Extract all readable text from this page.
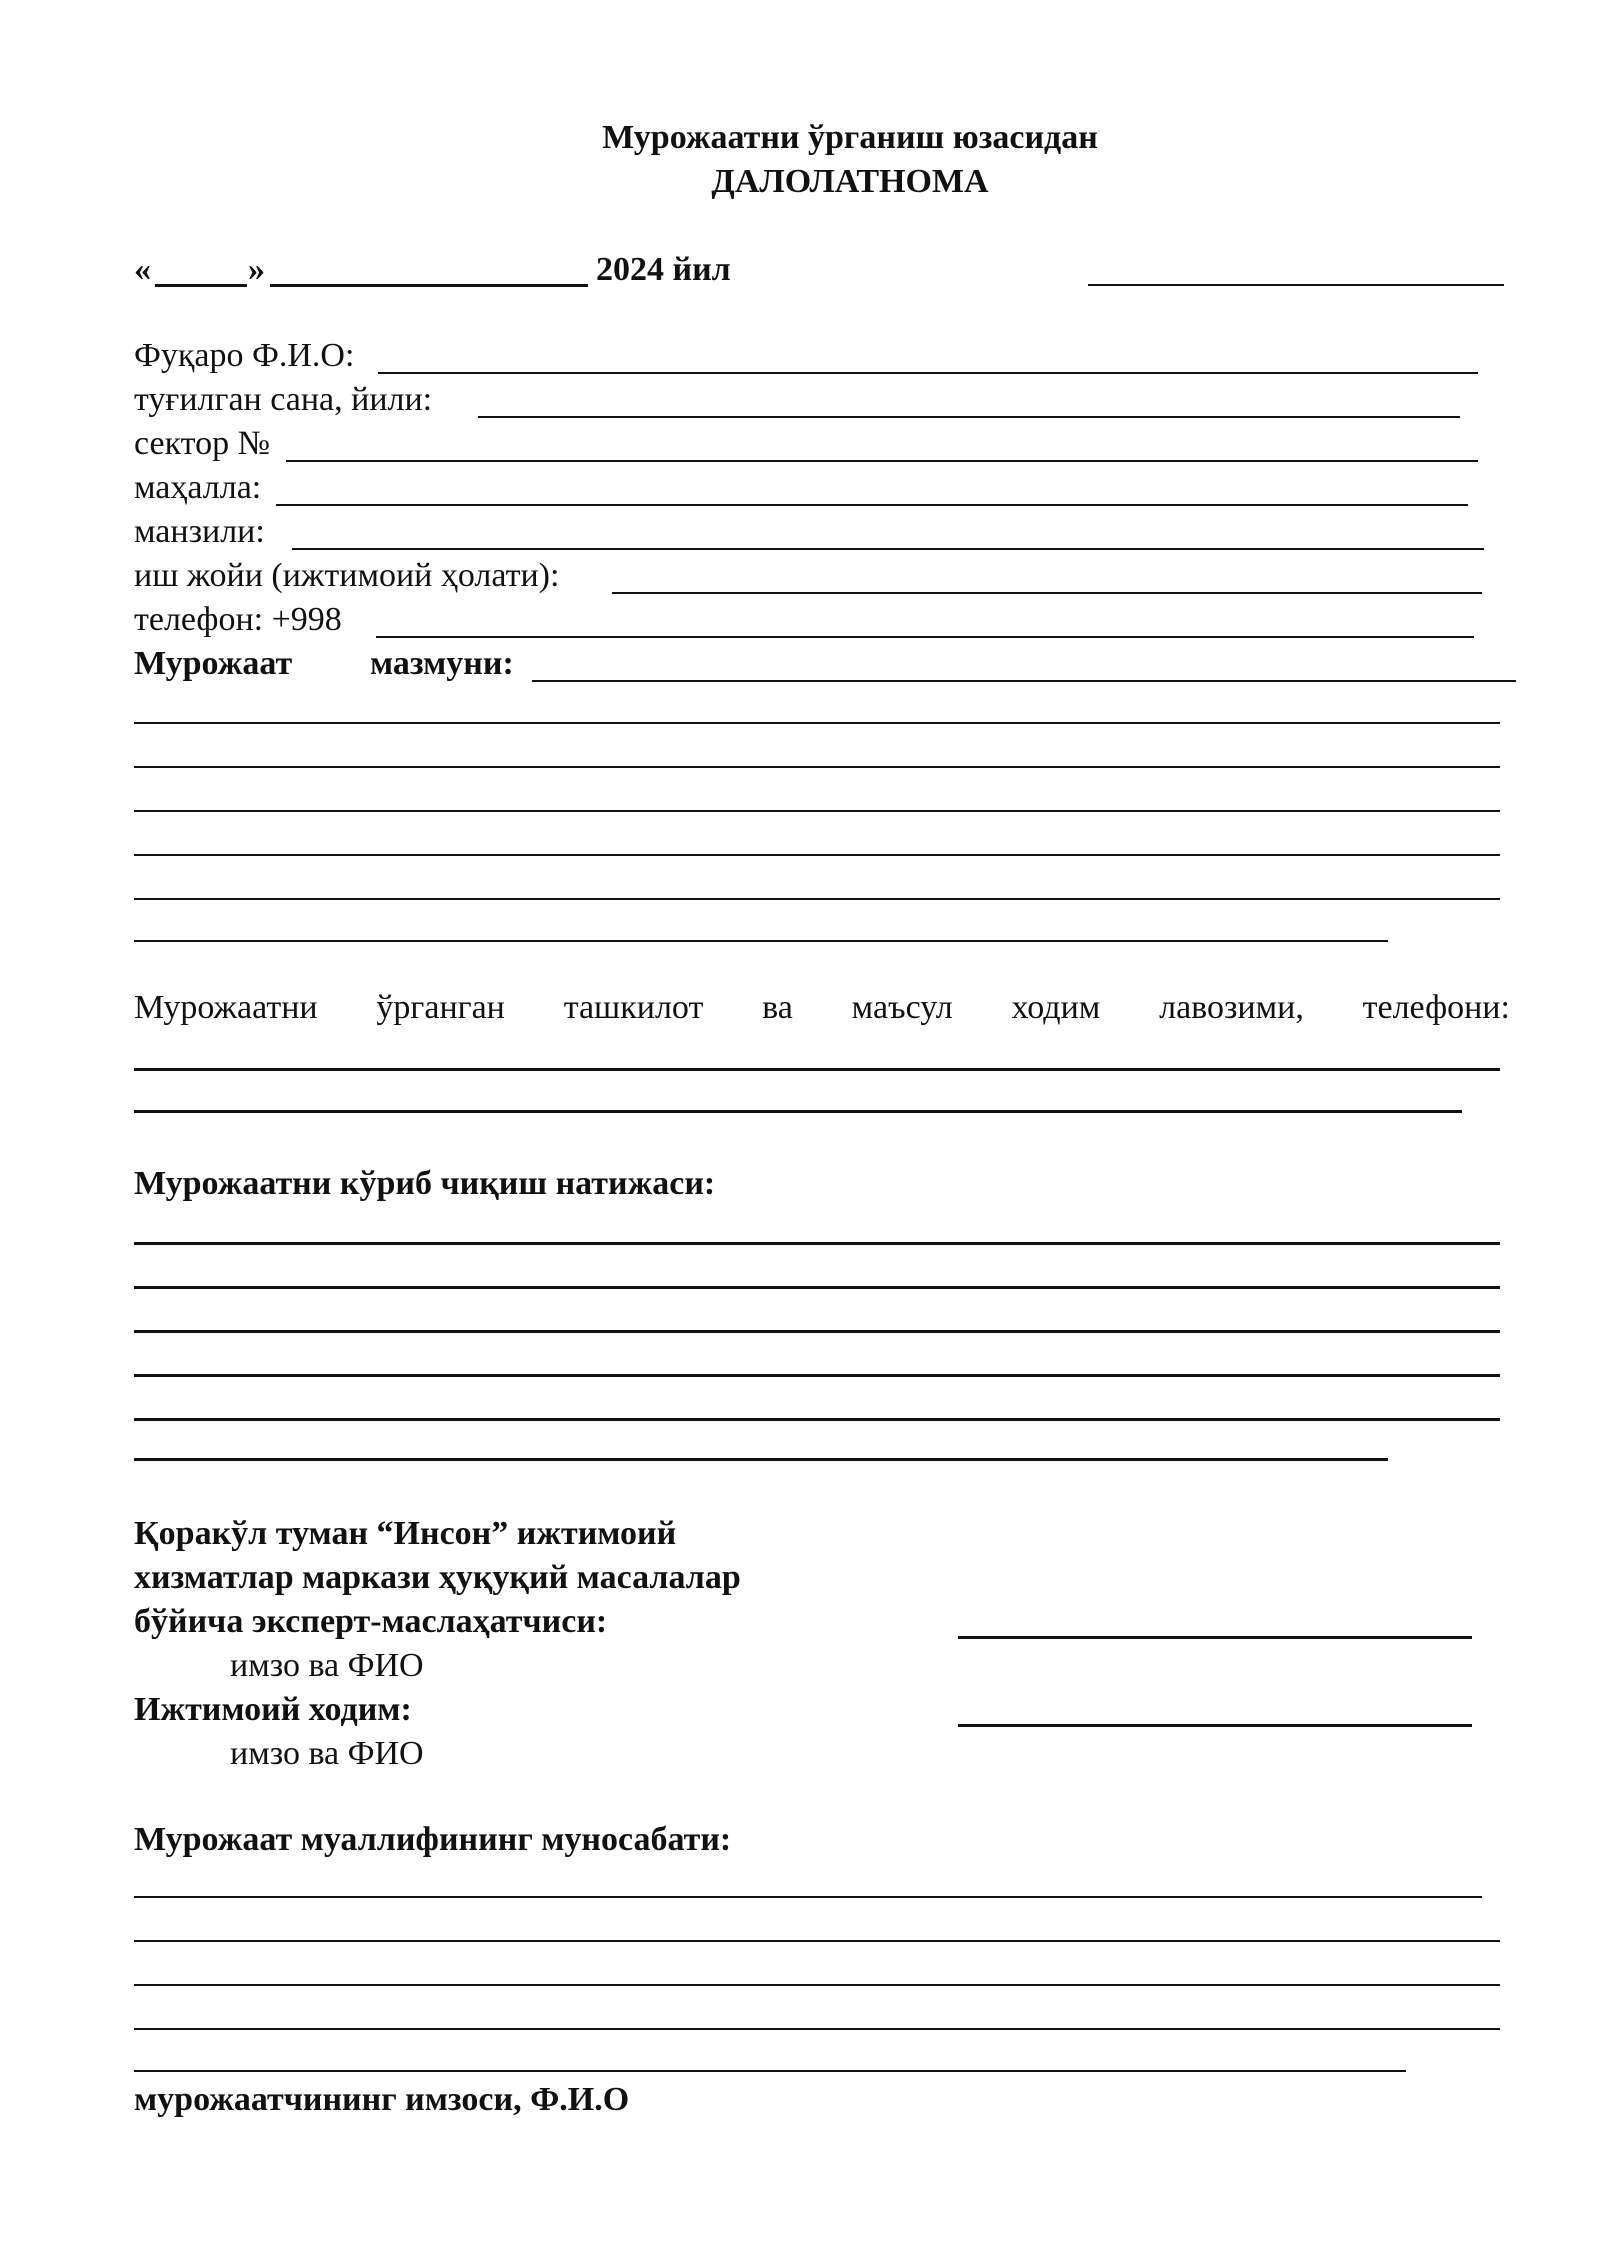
Мурожаатни ўрганиш юзасидан
ДАЛОЛАТНОМА
«	»	2024 йил
Фуқаро Ф.И.О:
туғилган сана, йили:
сектор №
маҳалла:
манзили:
иш жойи (ижтимоий ҳолати):
телефон: +998
Мурожаат мазмуни:
Мурожаатни ўрганган ташкилот ва маъсул ходим лавозими, телефони:
Мурожаатни кўриб чиқиш натижаси:
Қоракўл туман “Инсон” ижтимоий
хизматлар маркази ҳуқуқий масалалар
бўйича эксперт-маслаҳатчиси:
имзо ва ФИО
Ижтимоий ходим:
имзо ва ФИО
Мурожаат муаллифининг муносабати:
мурожаатчининг имзоси, Ф.И.О
